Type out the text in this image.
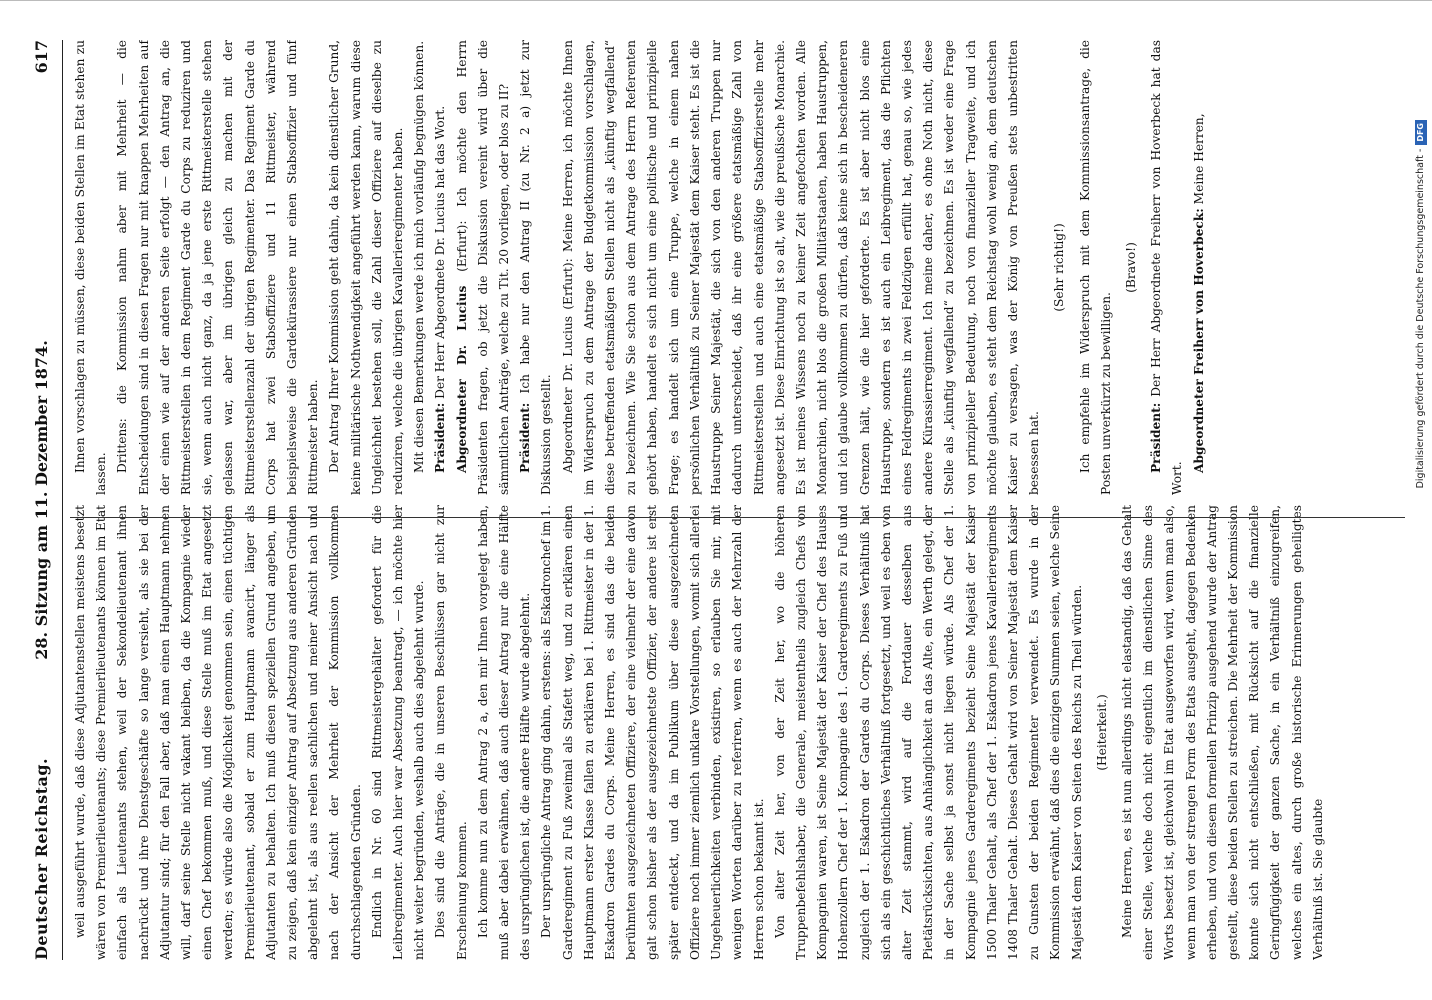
Deutscher Reichstag.
28. Sitzung am 11. Dezember 1874.
617

weil ausgeführt wurde, daß diese Adjutantenstellen meistens besetzt wären von Premierlieutenants; diese Premierlieutenants können im Etat einfach als Lieutenants stehen, weil der Sekondelieutenant ihnen nachrückt und ihre Dienstgeschäfte so lange versieht, als sie bei der Adjutantur sind; für den Fall aber, daß man einen Hauptmann nehmen will, darf seine Stelle nicht vakant bleiben, da die Kompagnie wieder einen Chef bekommen muß, und diese Stelle muß im Etat angesetzt werden; es würde also die Möglichkeit genommen sein, einen tüchtigen Premierlieutenant, sobald er zum Hauptmann avancirt, länger als Adjutanten zu behalten. Ich muß diesen speziellen Grund angeben, um zu zeigen, daß kein einziger Antrag auf Absetzung aus anderen Gründen abgelehnt ist, als aus reellen sachlichen und meiner Ansicht nach und nach der Ansicht der Mehrheit der Kommission vollkommen durchschlagenden Gründen. Endlich in Nr. 60 sind Rittmeistergehälter gefordert für die Leibregimenter. Auch hier war Absetzung beantragt, — ich möchte hier nicht weiter begründen, weshalb auch dies abgelehnt wurde. Dies sind die Anträge, die in unseren Beschlüssen gar nicht zur Erscheinung kommen. Ich komme nun zu dem Antrag 2 a, den mir Ihnen vorgelegt haben, muß aber dabei erwähnen, daß auch dieser Antrag nur die eine Hälfte des ursprünglichen ist, die andere Hälfte wurde abgelehnt. Der ursprüngliche Antrag ging dahin, erstens: als Eskadronchef im 1. Garderegiment zu Fuß zweimal als Stafett weg, und zu erklären einen Hauptmann erster Klasse fallen zu erklären bei 1. Rittmeister in der 1. Eskadron Gardes du Corps. Meine Herren, es sind das die beiden berühmten ausgezeichneten Offiziere, der eine vielmehr der eine davon galt schon bisher als der ausgezeichnetste Offizier, der andere ist erst später entdeckt, und da im Publikum über diese ausgezeichneten Offiziere noch immer ziemlich unklare Vorstellungen, womit sich allerlei Ungeheuerlichkeiten verbinden, existiren, so erlauben Sie mir, mit wenigen Worten darüber zu referiren, wenn es auch der Mehrzahl der Herren schon bekannt ist. Von alter Zeit her, von der Zeit her, wo die höheren Truppenbefehlshaber, die Generale, meistentheils zugleich Chefs von Kompagnien waren, ist Seine Majestät der Kaiser der Chef des Hauses Hohenzollern Chef der 1. Kompagnie des 1. Garderegiments zu Fuß und zugleich der 1. Eskadron der Gardes du Corps. Dieses Verhältniß hat sich als ein geschichtliches Verhältniß fortgesetzt, und weil es eben von alter Zeit stammt, wird auf die Fortdauer desselben aus Pietätsrücksichten, aus Anhänglichkeit an das Alte, ein Werth gelegt, der in der Sache selbst ja sonst nicht liegen würde. Als Chef der 1. Kompagnie jenes Garderegiments bezieht Seine Majestät der Kaiser 1500 Thaler Gehalt, als Chef der 1. Eskadron jenes Kavallerieregiments 1408 Thaler Gehalt. Dieses Gehalt wird von Seiner Majestät dem Kaiser zu Gunsten der beiden Regimenter verwendet. Es wurde in der Kommission erwähnt, daß dies die einzigen Summen seien, welche Seine Majestät dem Kaiser von Seiten des Reichs zu Theil würden. (Heiterkeit.) Meine Herren, es ist nun allerdings nicht elastandig, daß das Gehalt einer Stelle, welche doch nicht eigentlich im dienstlichen Sinne des Worts besetzt ist, gleichwohl im Etat ausgeworfen wird, wenn man also, wenn man von der strengen Form des Etats ausgeht, dagegen Bedenken erheben, und von diesem formellen Prinzip ausgehend wurde der Antrag gestellt, diese beiden Stellen zu streichen. Die Mehrheit der Kommission konnte sich nicht entschließen, mit Rücksicht auf die finanzielle Geringfügigkeit der ganzen Sache, in ein Verhältniß einzugreifen, welches ein altes, durch große historische Erinnerungen geheiligtes Verhältniß ist. Sie glaubte

Ihnen vorschlagen zu müssen, diese beiden Stellen im Etat stehen zu lassen.

Drittens: die Kommission nahm aber mit Mehrheit — die Entscheidungen sind in diesen Fragen nur mit knappen Mehrheiten auf der einen wie auf der anderen Seite erfolgt — den Antrag an, die Rittmeisterstellen in dem Regiment Garde du Corps zu reduziren und sie, wenn auch nicht ganz, da ja jene erste Rittmeisterstelle stehen gelassen war, aber im übrigen gleich zu machen mit der Rittmeisterstellenzahl der übrigen Regimenter. Das Regiment Garde du Corps hat zwei Stabsoffiziere und 11 Rittmeister, während beispielsweise die Gardekürassiere nur einen Stabsoffizier und fünf Rittmeister haben. Der Antrag Ihrer Kommission geht dahin, da kein dienstlicher Grund, keine militärische Nothwendigkeit angeführt werden kann, warum diese Ungleichheit bestehen soll, die Zahl dieser Offiziere auf dieselbe zu reduziren, welche die übrigen Kavallerieregimenter haben. Mit diesen Bemerkungen werde ich mich vorläufig begnügen können. Präsident: Der Herr Abgeordnete Dr. Lucius hat das Wort. Abgeordneter Dr. Lucius (Erfurt): Ich möchte den Herrn Präsidenten fragen, ob jetzt die Diskussion vereint wird über die sämmtlichen Anträge, welche zu Tit. 20 vorliegen, oder blos zu II? Präsident: Ich habe nur den Antrag II (zu Nr. 2 a) jetzt zur Diskussion gestellt. Abgeordneter Dr. Lucius (Erfurt): Meine Herren, ich möchte Ihnen im Widerspruch zu dem Antrage der Budgetkommission vorschlagen, diese betreffenden etatsmäßigen Stellen nicht als „künftig wegfallend“ zu bezeichnen. Wie Sie schon aus dem Antrage des Herrn Referenten gehört haben, handelt es sich nicht um eine politische und prinzipielle Frage; es handelt sich um eine Truppe, welche in einem nahen persönlichen Verhältniß zu Seiner Majestät dem Kaiser steht. Es ist die Haustruppe Seiner Majestät, die sich von den anderen Truppen nur dadurch unterscheidet, daß ihr eine größere etatsmäßige Zahl von Rittmeisterstellen und auch eine etatsmäßige Stabsoffizierstelle mehr angesetzt ist. Diese Einrichtung ist so alt, wie die preußische Monarchie. Es ist meines Wissens noch zu keiner Zeit angefochten worden. Alle Monarchien, nicht blos die großen Militärstaaten, haben Haustruppen, und ich glaube vollkommen zu dürfen, daß keine sich in bescheideneren Grenzen hält, wie die hier geforderte. Es ist aber nicht blos eine Haustruppe, sondern es ist auch ein Leibregiment, das die Pflichten eines Feldregiments in zwei Feldzügen erfüllt hat, genau so, wie jedes andere Kürassierregiment. Ich meine daher, es ohne Noth nicht, diese Stelle als „künftig wegfallend“ zu bezeichnen. Es ist weder eine Frage von prinzipieller Bedeutung, noch von finanzieller Tragweite, und ich möchte glauben, es steht dem Reichstag wohl wenig an, dem deutschen Kaiser zu versagen, was der König von Preußen stets unbestritten besessen hat.

(Sehr richtig!) Ich empfehle im Widerspruch mit dem Kommissionsantrage, die Posten unverkürzt zu bewilligen.

(Bravo!)

Präsident: Der Herr Abgeordnete Freiherr von Hoverbeck hat das Wort.

Abgeordneter Freiherr von Hoverbeck: Meine Herren,	Digitalisierung gefördert durch die Deutsche Forschungsgemeinschaft -DFG
